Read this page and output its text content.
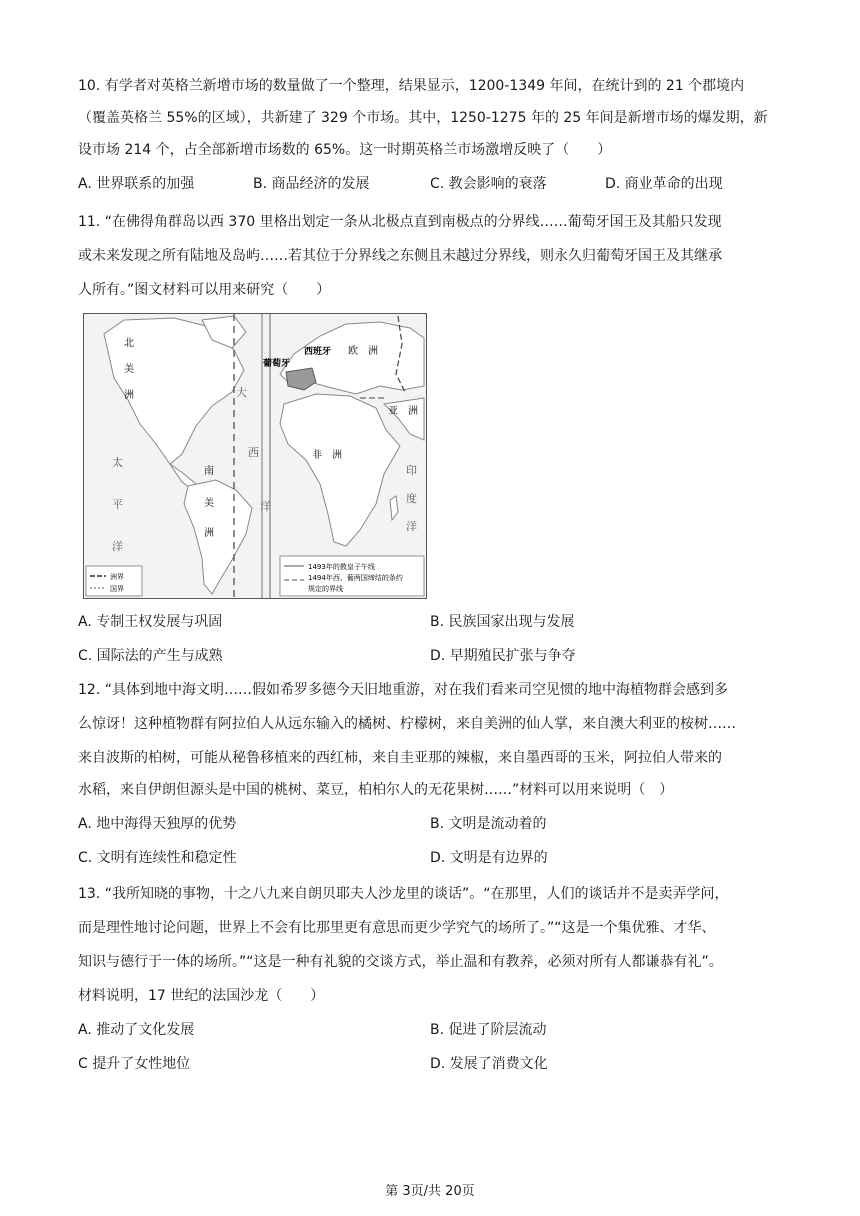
10. 有学者对英格兰新增市场的数量做了一个整理，结果显示，1200-1349 年间，在统计到的 21 个郡境内
（覆盖英格兰 55%的区域），共新建了 329 个市场。其中，1250-1275 年的 25 年间是新增市场的爆发期，新
设市场 214 个，占全部新增市场数的 65%。这一时期英格兰市场激增反映了（　　）
A. 世界联系的加强	B. 商品经济的发展	C. 教会影响的衰落	D. 商业革命的出现
11. “在佛得角群岛以西 370 里格出划定一条从北极点直到南极点的分界线……葡萄牙国王及其船只发现
或未来发现之所有陆地及岛屿……若其位于分界线之东侧且未越过分界线，则永久归葡萄牙国王及其继承
人所有。”图文材料可以用来研究（　　）
北
美
洲
南
美
洲
太
平
洋
大
西
洋
欧　洲
亚　洲
非　洲
印
度
洋
葡萄牙
西班牙
洲界
国界
1493年的教皇子午线
1494年西、葡两国缔结的条约
规定的界线
A. 专制王权发展与巩固	B. 民族国家出现与发展
C. 国际法的产生与成熟	D. 早期殖民扩张与争夺
12. “具体到地中海文明……假如希罗多德今天旧地重游，对在我们看来司空见惯的地中海植物群会感到多
么惊讶！这种植物群有阿拉伯人从远东输入的橘树、柠檬树，来自美洲的仙人掌，来自澳大利亚的桉树……
来自波斯的柏树，可能从秘鲁移植来的西红柿，来自圭亚那的辣椒，来自墨西哥的玉米，阿拉伯人带来的
水稻，来自伊朗但源头是中国的桃树、菜豆，柏柏尔人的无花果树……”材料可以用来说明（　）
A. 地中海得天独厚的优势	B. 文明是流动着的
C. 文明有连续性和稳定性	D. 文明是有边界的
13. “我所知晓的事物，十之八九来自朗贝耶夫人沙龙里的谈话”。“在那里，人们的谈话并不是卖弄学问，
而是理性地讨论问题，世界上不会有比那里更有意思而更少学究气的场所了。”“这是一个集优雅、才华、
知识与德行于一体的场所。”“这是一种有礼貌的交谈方式，举止温和有教养，必须对所有人都谦恭有礼”。
材料说明，17 世纪的法国沙龙（　　）
A. 推动了文化发展	B. 促进了阶层流动
C 提升了女性地位	D. 发展了消费文化
第 3页/共 20页
